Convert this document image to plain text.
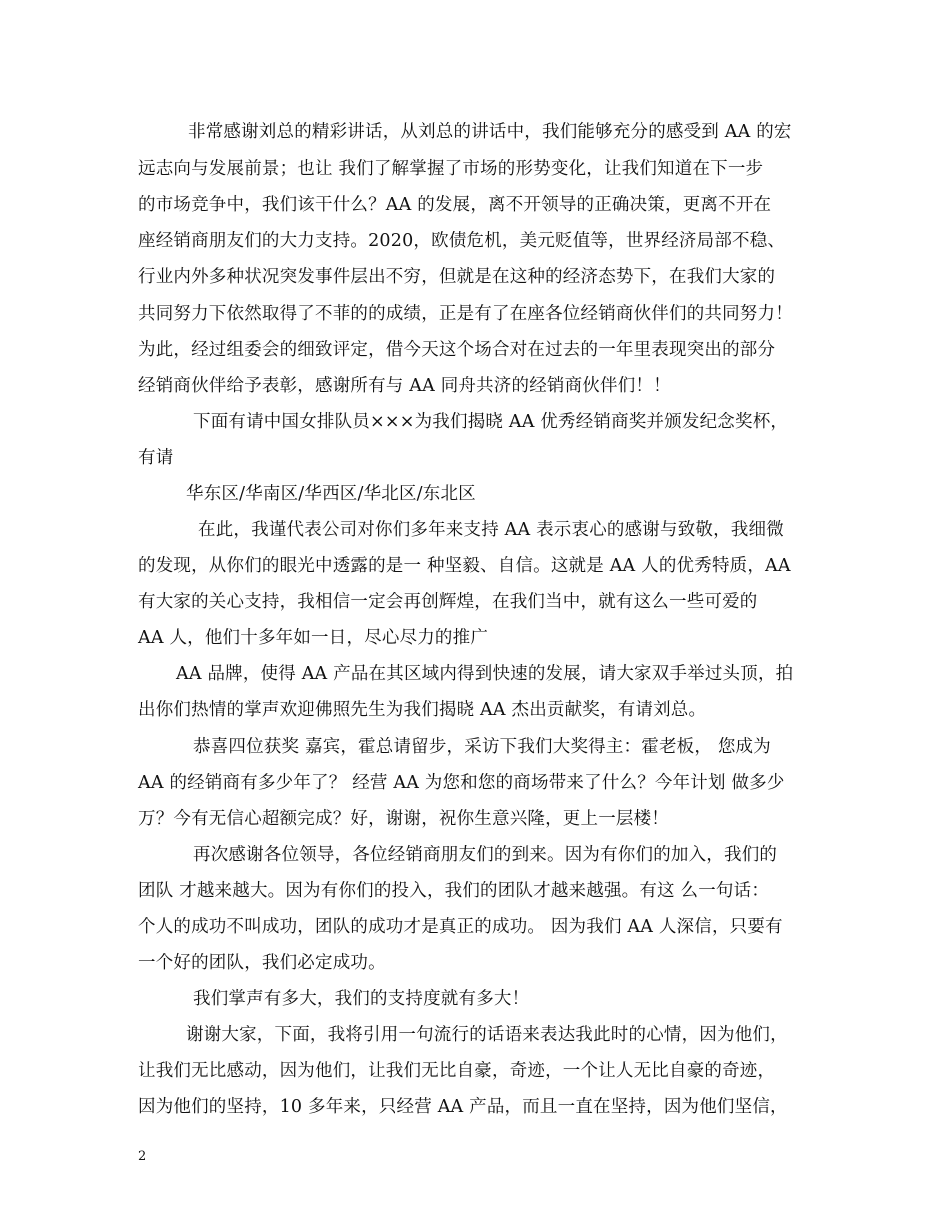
非常感谢刘总的精彩讲话，从刘总的讲话中，我们能够充分的感受到 AA 的宏
远志向与发展前景；也让 我们了解掌握了市场的形势变化，让我们知道在下一步
的市场竞争中，我们该干什么？AA 的发展，离不开领导的正确决策，更离不开在
座经销商朋友们的大力支持。2020，欧债危机，美元贬值等，世界经济局部不稳、
行业内外多种状况突发事件层出不穷，但就是在这种的经济态势下，在我们大家的
共同努力下依然取得了不菲的的成绩，正是有了在座各位经销商伙伴们的共同努力！
为此，经过组委会的细致评定，借今天这个场合对在过去的一年里表现突出的部分
经销商伙伴给予表彰，感谢所有与 AA 同舟共济的经销商伙伴们！！
下面有请中国女排队员×××为我们揭晓 AA 优秀经销商奖并颁发纪念奖杯，
有请
华东区/华南区/华西区/华北区/东北区
在此，我谨代表公司对你们多年来支持 AA 表示衷心的感谢与致敬，我细微
的发现，从你们的眼光中透露的是一 种坚毅、自信。这就是 AA 人的优秀特质，AA
有大家的关心支持，我相信一定会再创辉煌，在我们当中，就有这么一些可爱的
AA 人，他们十多年如一日，尽心尽力的推广
AA 品牌，使得 AA 产品在其区域内得到快速的发展，请大家双手举过头顶，拍
出你们热情的掌声欢迎佛照先生为我们揭晓 AA 杰出贡献奖，有请刘总。
恭喜四位获奖 嘉宾，霍总请留步，采访下我们大奖得主：霍老板， 您成为
AA 的经销商有多少年了？ 经营 AA 为您和您的商场带来了什么？今年计划 做多少
万？今有无信心超额完成？好，谢谢，祝你生意兴隆，更上一层楼！
再次感谢各位领导，各位经销商朋友们的到来。因为有你们的加入，我们的
团队 才越来越大。因为有你们的投入，我们的团队才越来越强。有这 么一句话：
个人的成功不叫成功，团队的成功才是真正的成功。 因为我们 AA 人深信，只要有
一个好的团队，我们必定成功。
我们掌声有多大，我们的支持度就有多大！
谢谢大家，下面，我将引用一句流行的话语来表达我此时的心情，因为他们，
让我们无比感动，因为他们，让我们无比自豪，奇迹，一个让人无比自豪的奇迹，
因为他们的坚持，10 多年来，只经营 AA 产品，而且一直在坚持，因为他们坚信，
2
